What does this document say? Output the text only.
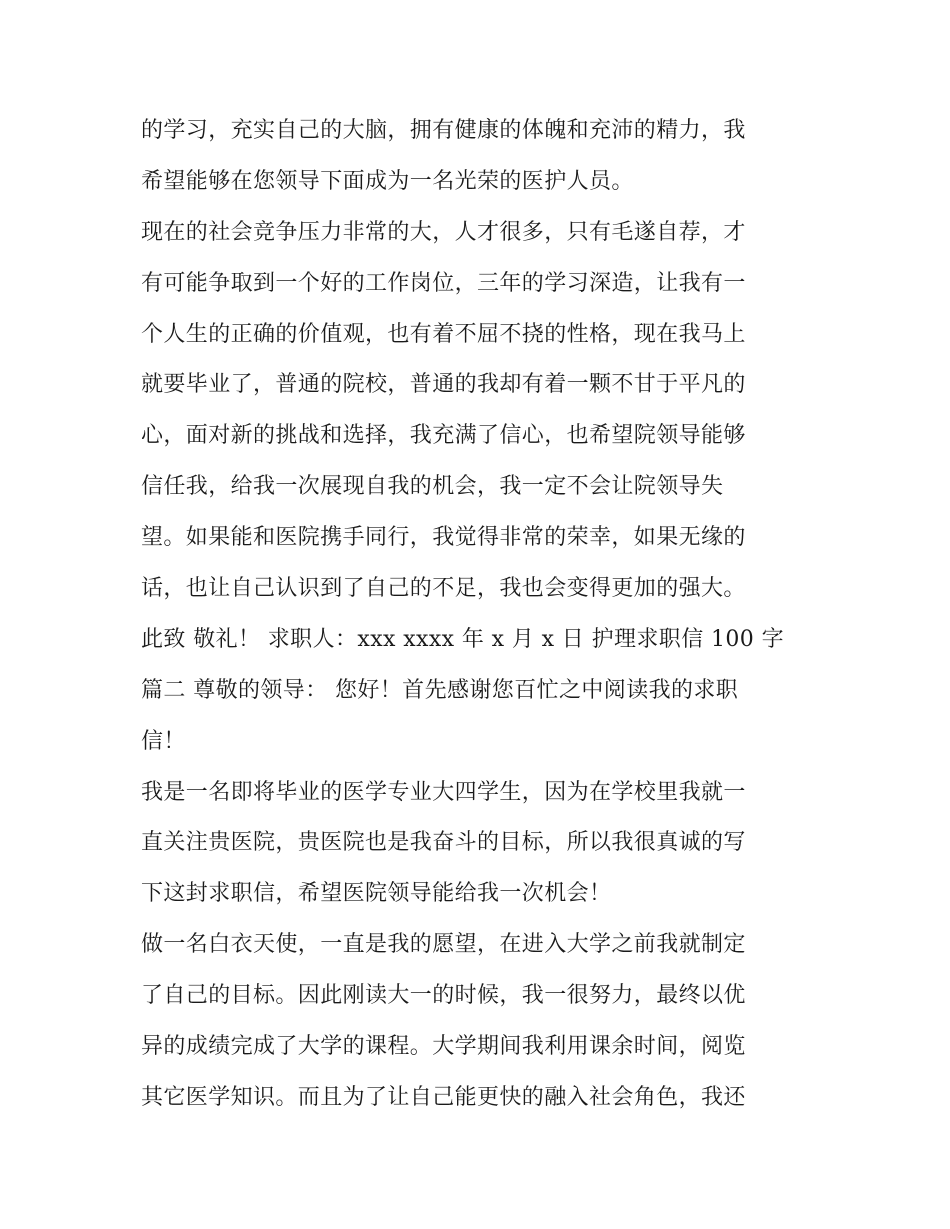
的学习，充实自己的大脑，拥有健康的体魄和充沛的精力，我
希望能够在您领导下面成为一名光荣的医护人员。
现在的社会竞争压力非常的大，人才很多，只有毛遂自荐，才
有可能争取到一个好的工作岗位，三年的学习深造，让我有一
个人生的正确的价值观，也有着不屈不挠的性格，现在我马上
就要毕业了，普通的院校，普通的我却有着一颗不甘于平凡的
心，面对新的挑战和选择，我充满了信心，也希望院领导能够
信任我，给我一次展现自我的机会，我一定不会让院领导失
望。如果能和医院携手同行，我觉得非常的荣幸，如果无缘的
话，也让自己认识到了自己的不足，我也会变得更加的强大。
此致 敬礼！ 求职人：xxx xxxx 年 x 月 x 日 护理求职信 100 字
篇二 尊敬的领导： 您好！首先感谢您百忙之中阅读我的求职
信！
我是一名即将毕业的医学专业大四学生，因为在学校里我就一
直关注贵医院，贵医院也是我奋斗的目标，所以我很真诚的写
下这封求职信，希望医院领导能给我一次机会！
做一名白衣天使，一直是我的愿望，在进入大学之前我就制定
了自己的目标。因此刚读大一的时候，我一很努力，最终以优
异的成绩完成了大学的课程。大学期间我利用课余时间，阅览
其它医学知识。而且为了让自己能更快的融入社会角色，我还
